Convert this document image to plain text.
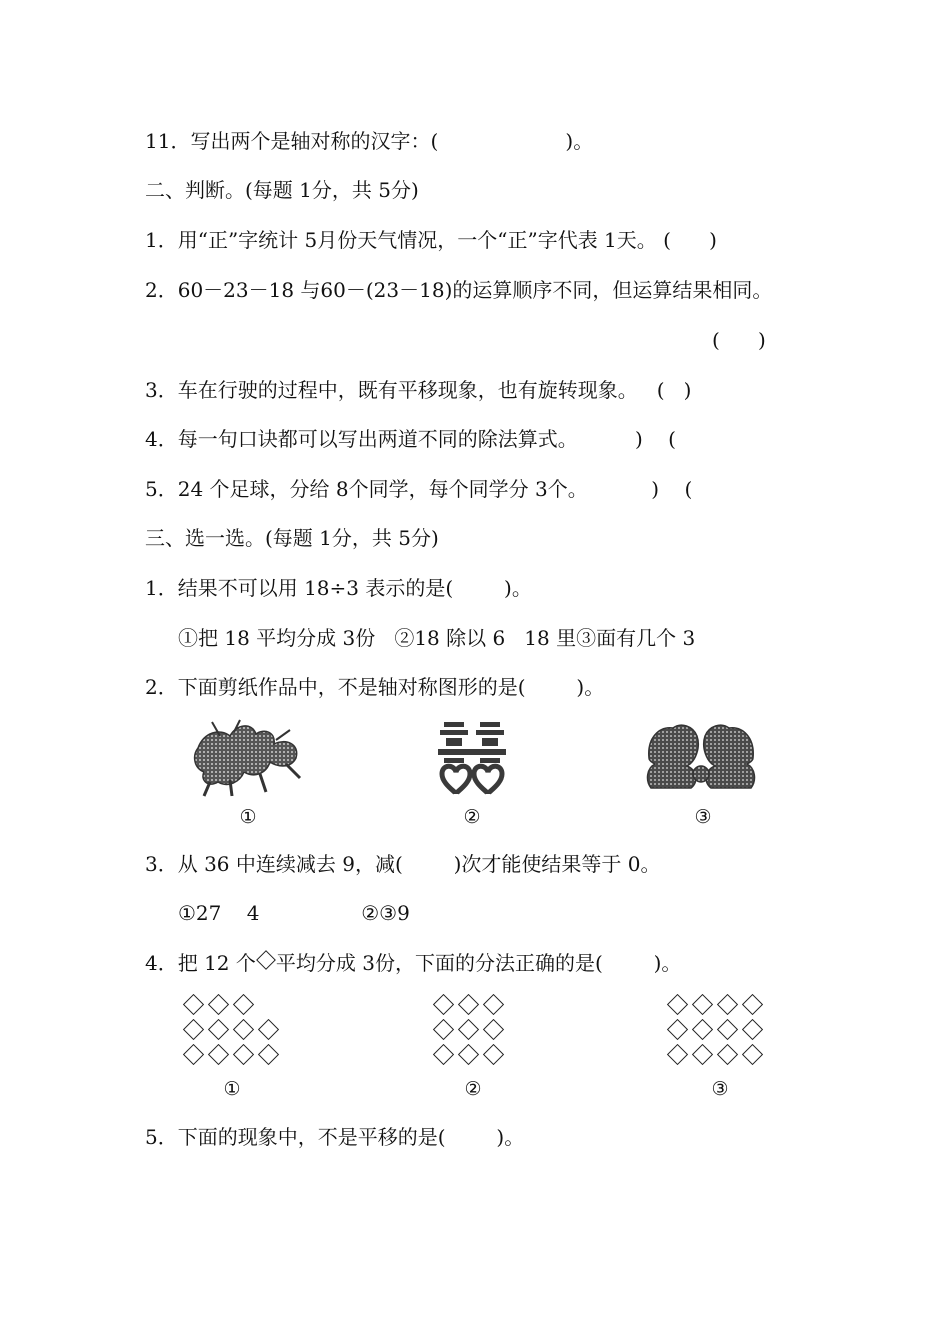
11．写出两个是轴对称的汉字：(                    )。
二、判断。(每题 1分，共 5分)
1．用“正”字统计 5月份天气情况，一个“正”字代表 1天。 (      )
2．60－23－18 与60－(23－18)的运算顺序不同，但运算结果相同。
(      )
3．车在行驶的过程中，既有平移现象，也有旋转现象。   (   )
4．每一句口诀都可以写出两道不同的除法算式。         )    (
5．24 个足球，分给 8个同学，每个同学分 3个。          )    (
三、选一选。(每题 1分，共 5分)
1．结果不可以用 18÷3 表示的是(        )。
①把 18 平均分成 3份   ②18 除以 6   18 里③面有几个 3
2．下面剪纸作品中，不是轴对称图形的是(        )。
①	②	③
3．从 36 中连续减去 9，减(        )次才能使结果等于 0。
①27    4                ②③9
4．把 12 个 平均分成 3份，下面的分法正确的是(        )。
①	②	③
5．下面的现象中，不是平移的是(        )。
